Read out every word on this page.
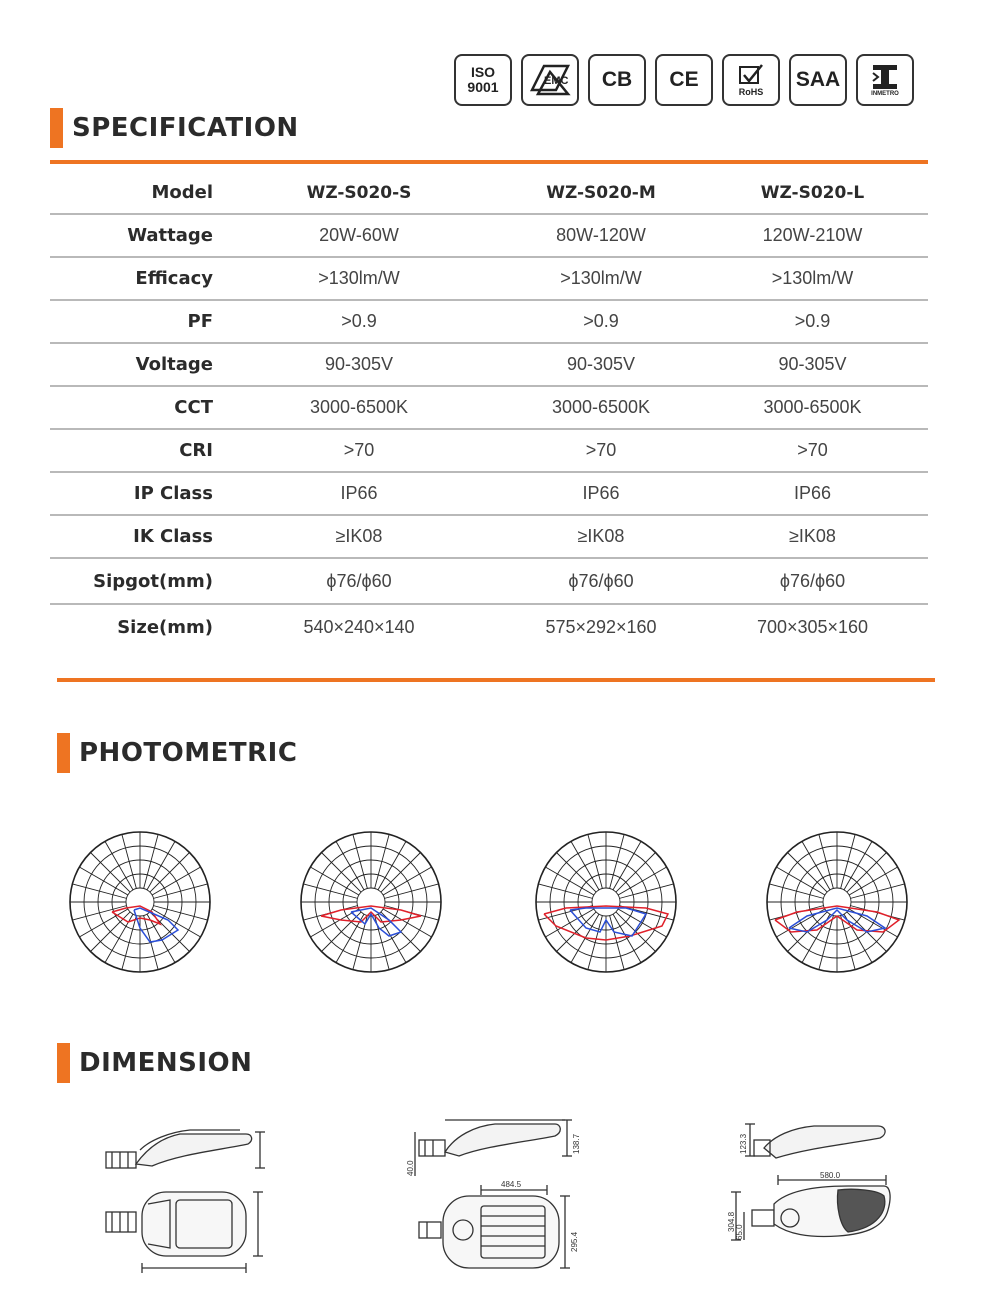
ISO
9001	EMC CB CE
RoHS
SAA
INMETRO
SPECIFICATION
Model	WZ-S020-S	WZ-S020-M	WZ-S020-L
Wattage	20W-60W	80W-120W	120W-210W
Efficacy	>130lm/W	>130lm/W	>130lm/W
PF	>0.9	>0.9	>0.9
Voltage	90-305V	90-305V	90-305V
CCT	3000-6500K	3000-6500K	3000-6500K
CRI	>70	>70	>70
IP Class	IP66	IP66	IP66
IK Class	≥IK08	≥IK08	≥IK08
Sipgot(mm)	ϕ76/ϕ60	ϕ76/ϕ60	ϕ76/ϕ60
Size(mm)	540×240×140	575×292×160	700×305×160
PHOTOMETRIC
DIMENSION
484.5
138.7
40.0
295.4
580.0
123.3
304.8
65.0
